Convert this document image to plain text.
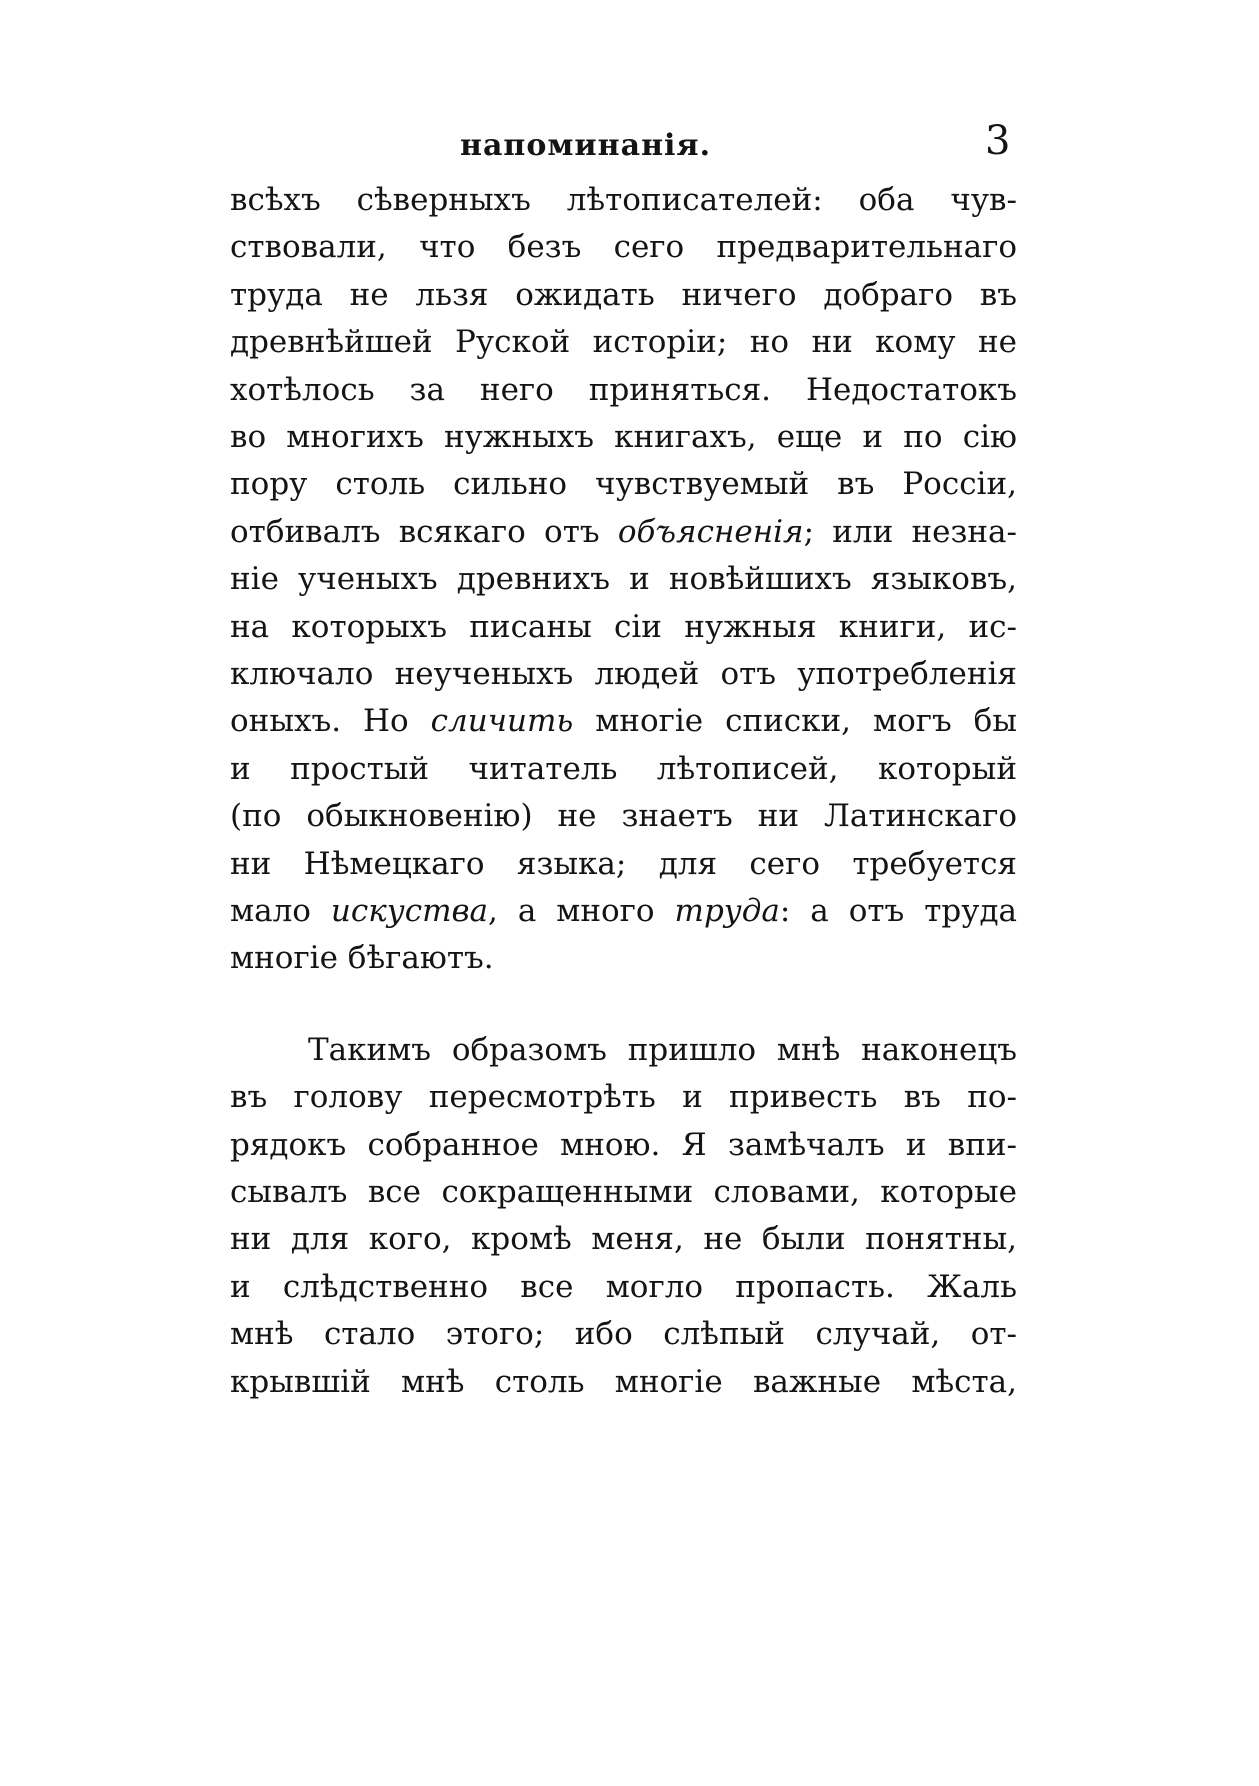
напоминанія.	3
всѣхъ сѣверныхъ лѣтописателей: оба чув-
ствовали, что безъ сего предварительнаго
труда не льзя ожидать ничего добраго въ
древнѣйшей Руской исторіи; но ни кому не
хотѣлось за него приняться. Недостатокъ
во многихъ нужныхъ книгахъ, еще и по сію
пору столь сильно чувствуемый въ Россіи,
отбивалъ всякаго отъ объясненія; или незна-
ніе ученыхъ древнихъ и новѣйшихъ языковъ,
на которыхъ писаны сіи нужныя книги, ис-
ключало неученыхъ людей отъ употребленія
оныхъ. Но сличить многіе списки, могъ бы
и простый читатель лѣтописей, который
(по обыкновенію) не знаетъ ни Латинскаго
ни Нѣмецкаго языка; для сего требуется
мало искуства, а много труда: а отъ труда
многіе бѣгаютъ.
Такимъ образомъ пришло мнѣ наконецъ
въ голову пересмотрѣть и привесть въ по-
рядокъ собранное мною. Я замѣчалъ и впи-
сывалъ все сокращенными словами, которые
ни для кого, кромѣ меня, не были понятны,
и слѣдственно все могло пропасть. Жаль
мнѣ стало этого; ибо слѣпый случай, от-
крывшій мнѣ столь многіе важные мѣста,
